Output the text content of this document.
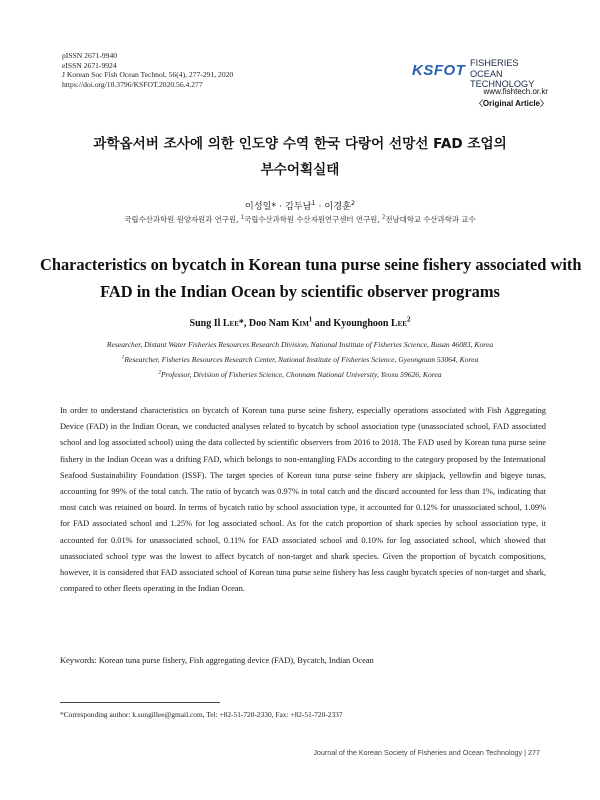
pISSN 2671-9940
eISSN 2671-9924
J Korean Soc Fish Ocean Technol, 56(4), 277-291, 2020
https://doi.org/10.3796/KSFOT.2020.56.4.277
KSFOT FISHERIES OCEAN
TECHNOLOGY
www.fishtech.or.kr
〈Original Article〉
과학옵서버 조사에 의한 인도양 수역 한국 다랑어 선망선 FAD 조업의
부수어획실태
이성일* · 김두남$^1$ · 이경훈$^2$
국립수산과학원 원양자원과 연구원, $^1$국립수산과학원 수산자원연구센터 연구원, $^2$전남대학교 수산과학과 교수
Characteristics on bycatch in Korean tuna purse seine fishery associated with
FAD in the Indian Ocean by scientific observer programs
Sung Il Lee*, Doo Nam Kim$^1$ and Kyounghoon Lee$^2$
Researcher, Distant Water Fisheries Resources Research Division, National Institute of Fisheries Science, Busan 46083, Korea
$^1$Researcher, Fisheries Resources Research Center, National Institute of Fisheries Science, Gyeongnam 53064, Korea
$^2$Professor, Division of Fisheries Science, Chonnam National University, Yeosu 59626, Korea
In order to understand characteristics on bycatch of Korean tuna purse seine fishery, especially operations associated with Fish Aggregating Device (FAD) in the Indian Ocean, we conducted analyses related to bycatch by school association type (unassociated school, FAD associated school and log associated school) using the data collected by scientific observers from 2016 to 2018. The FAD used by Korean tuna purse seine fishery in the Indian Ocean was a drifting FAD, which belongs to non-entangling FADs according to the category proposed by the International Seafood Sustainability Foundation (ISSF). The target species of Korean tuna purse seine fishery are skipjack, yellowfin and bigeye tunas, accounting for 99% of the total catch. The ratio of bycatch was 0.97% in total catch and the discard accounted for less than 1%, indicating that most catch was retained on board. In terms of bycatch ratio by school association type, it accounted for 0.12% for unassociated school, 1.09% for FAD associated school and 1.25% for log associated school. As for the catch proportion of shark species by school association type, it accounted for 0.01% for unassociated school, 0.11% for FAD associated school and 0.10% for log associated school, which showed that unassociated school type was the lowest to affect bycatch of non-target and shark species. Given the proportion of bycatch compositions, however, it is considered that FAD associated school of Korean tuna purse seine fishery has less caught bycatch species of non-target and shark, compared to other fleets operating in the Indian Ocean.
Keywords: Korean tuna purse fishery, Fish aggregating device (FAD), Bycatch, Indian Ocean
*Corresponding author: k.sungillee@gmail.com, Tel: +82-51-720-2330, Fax: +82-51-720-2337
Journal of the Korean Society of Fisheries and Ocean Technology | 277
